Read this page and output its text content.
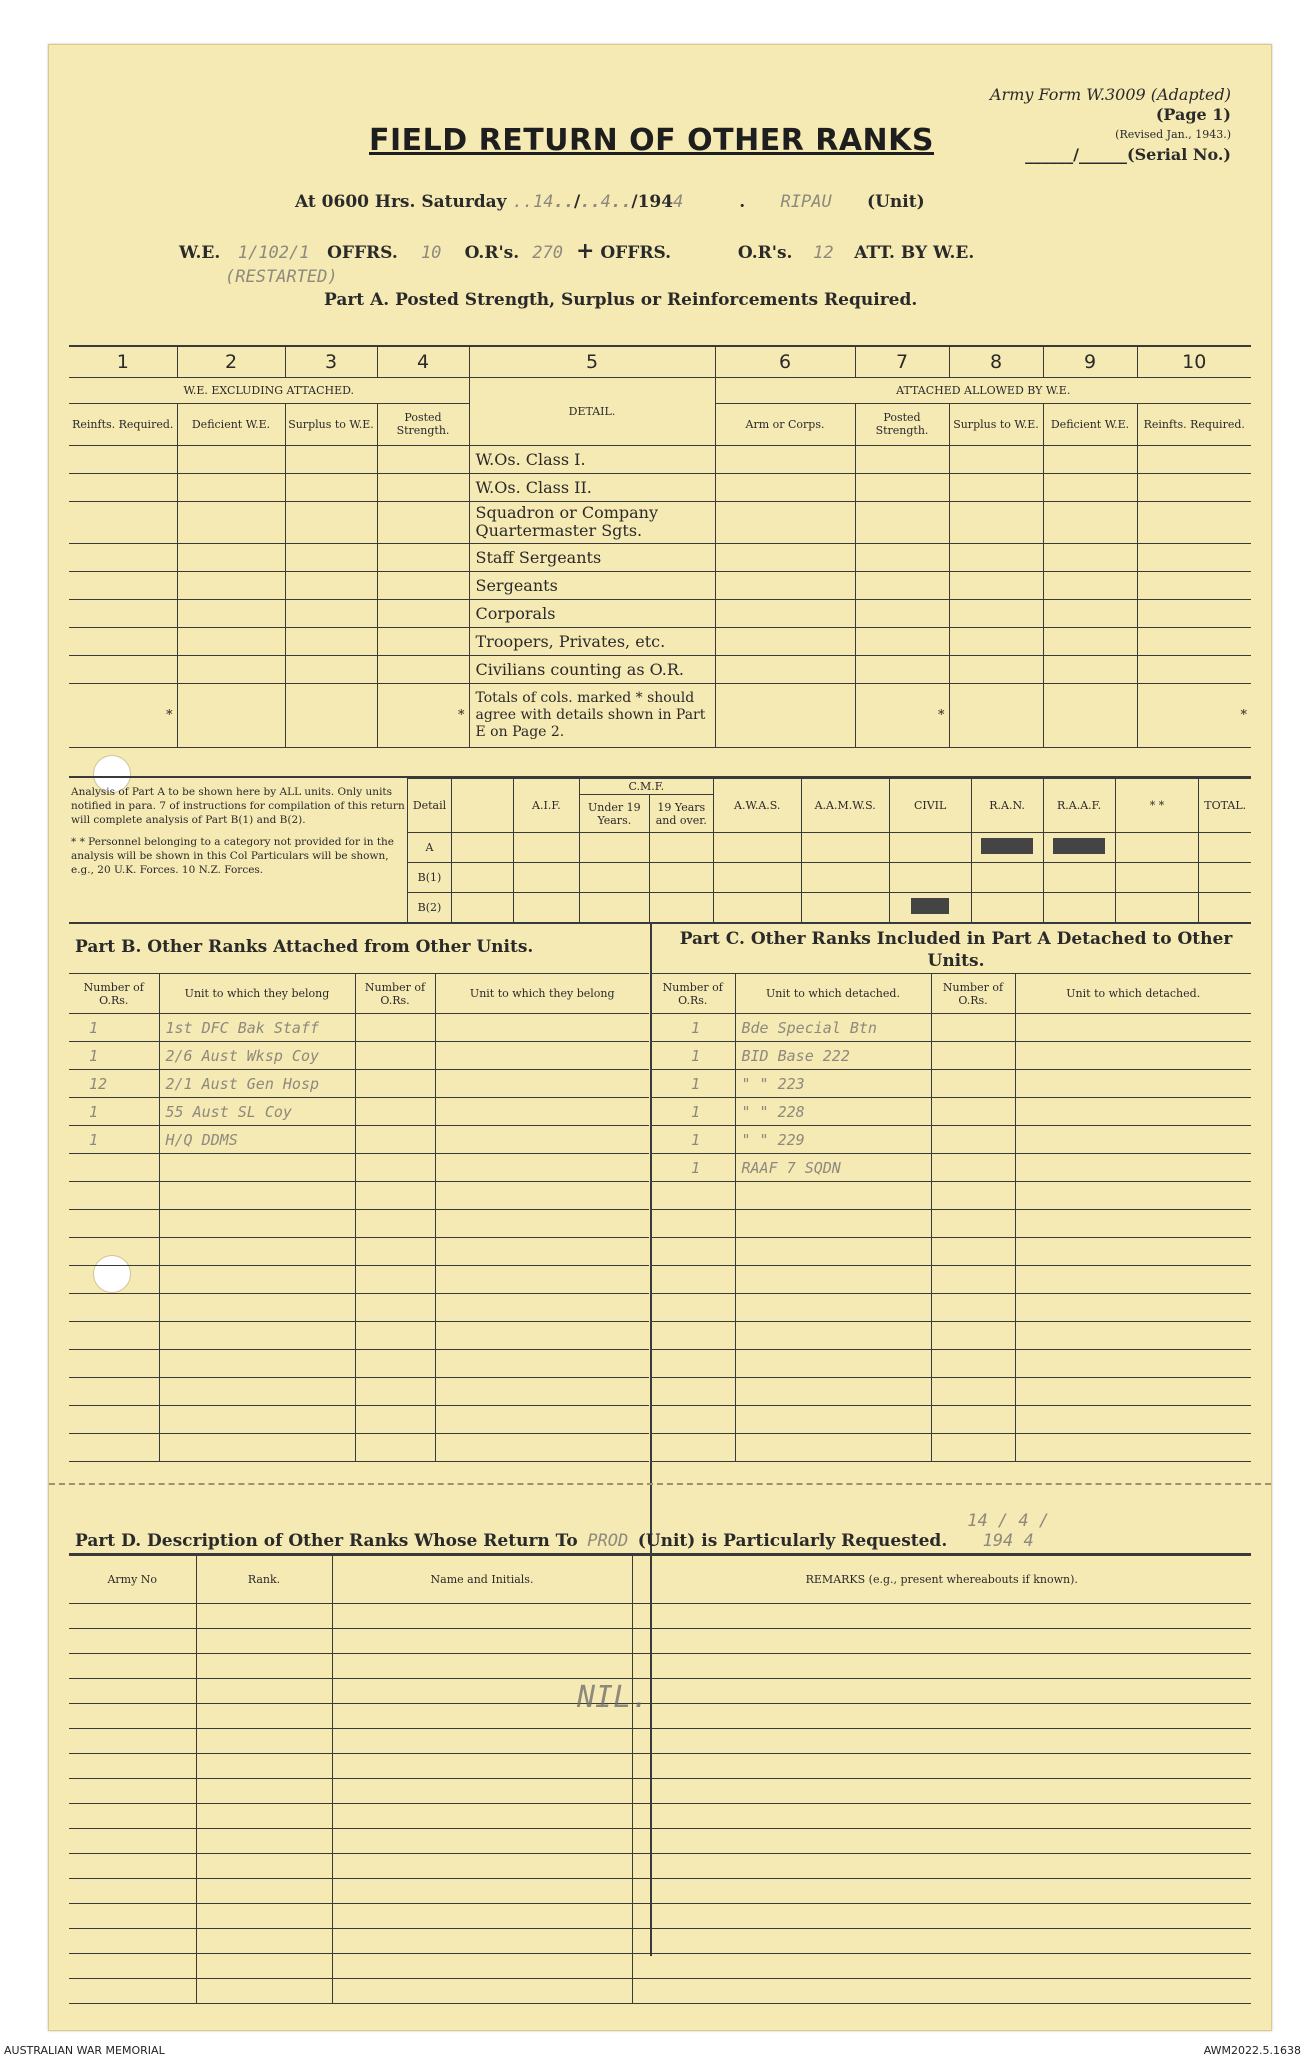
Army Form W.3009 (Adapted)
(Page 1)
(Revised Jan., 1943.)
______/______(Serial No.)
FIELD RETURN OF OTHER RANKS
At 0600 Hrs. Saturday ..14../..4../1944	. RIPAU (Unit)
W.E. 1/102/1 OFFRS. 10 O.R's. 270 + OFFRS.	O.R's. 12 ATT. BY W.E.
(RESTARTED)
Part A. Posted Strength, Surplus or Reinforcements Required.
1	2	3	4	5	6	7	8	9	10
W.E. EXCLUDING ATTACHED.				DETAIL.	ATTACHED ALLOWED BY W.E.				
Reinfts. Required.	Deficient W.E.	Surplus to W.E.	Posted Strength.		Arm or Corps.	Posted Strength.	Surplus to W.E.	Deficient W.E.	Reinfts. Required.
				W.Os. Class I.					
				W.Os. Class II.					
				Squadron or Company Quartermaster Sgts.					
				Staff Sergeants					
				Sergeants					
				Corporals					
				Troopers, Privates, etc.					
				Civilians counting as O.R.					
*			*	Totals of cols. marked * should agree with details shown in Part E on Page 2.		*			*
Analysis of Part A to be shown here by ALL units. Only units notified in para. 7 of instructions for compilation of this return will complete analysis of Part B(1) and B(2).
* * Personnel belonging to a category not provided for in the analysis will be shown in this Col Particulars will be shown, e.g., 20 U.K. Forces. 10 N.Z. Forces.
Detail		A.I.F.	C.M.F.		A.W.A.S.	A.A.M.W.S.	CIVIL	R.A.N.	R.A.A.F.	* *	TOTAL.
			Under 19 Years.	19 Years and over.							
A											
B(1)											
B(2)											
Part B. Other Ranks Attached from Other Units.	Part C. Other Ranks Included in Part A Detached to Other Units.
Number of O.Rs.	Unit to which they belong	Number of O.Rs.	Unit to which they belong
1	1st DFC Bak Staff		
1	2/6 Aust Wksp Coy		
12	2/1 Aust Gen Hosp		
1	55 Aust SL Coy		
1	H/Q DDMS		

Number of O.Rs.	Unit to which detached.	Number of O.Rs.	Unit to which detached.
1	Bde Special Btn		
1	BID Base 222		
1	" " 223		
1	" " 228		
1	" " 229		
1	RAAF 7 SQDN		

Part D. Description of Other Ranks Whose Return To PROD (Unit) is Particularly Requested. 14 / 4 / 194 4
Army No	Rank.	Name and Initials.	REMARKS (e.g., present whereabouts if known).

NIL.
AUSTRALIAN WAR MEMORIAL	AWM2022.5.1638
